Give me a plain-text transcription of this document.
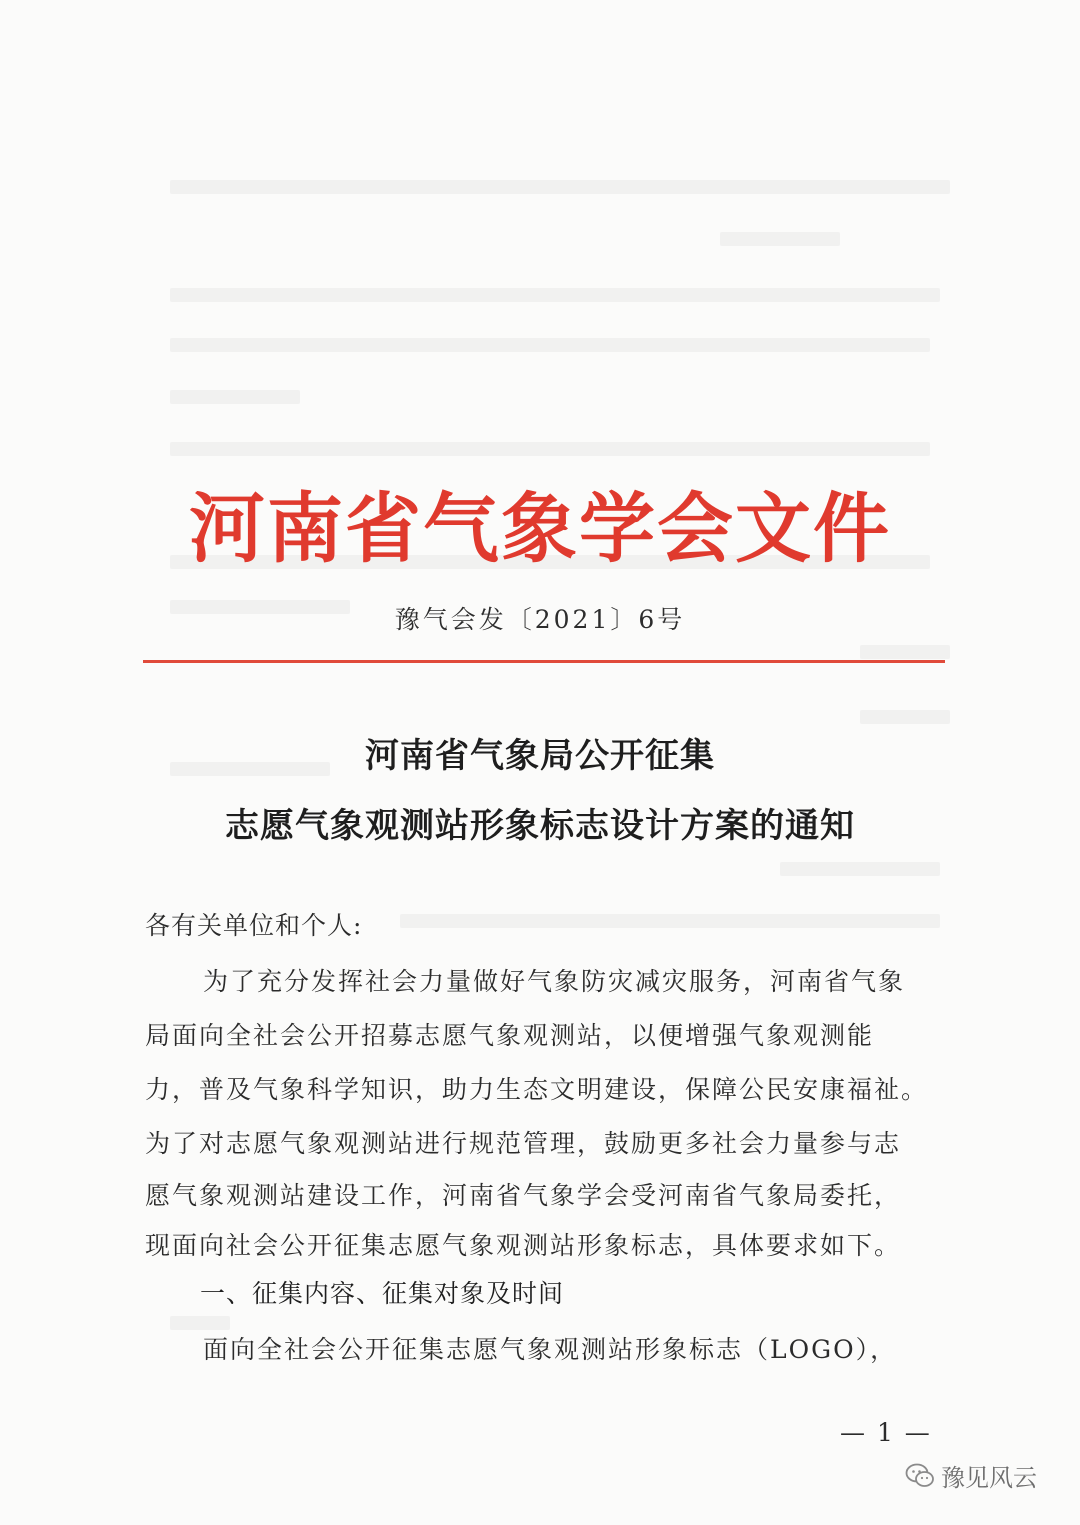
河南省气象学会文件
豫气会发〔2021〕6号
河南省气象局公开征集
志愿气象观测站形象标志设计方案的通知
各有关单位和个人:
为了充分发挥社会力量做好气象防灾减灾服务，河南省气象
局面向全社会公开招募志愿气象观测站，以便增强气象观测能
力，普及气象科学知识，助力生态文明建设，保障公民安康福祉。
为了对志愿气象观测站进行规范管理，鼓励更多社会力量参与志
愿气象观测站建设工作，河南省气象学会受河南省气象局委托，
现面向社会公开征集志愿气象观测站形象标志，具体要求如下。
一、征集内容、征集对象及时间
面向全社会公开征集志愿气象观测站形象标志（LOGO），
— 1 —
豫见风云
